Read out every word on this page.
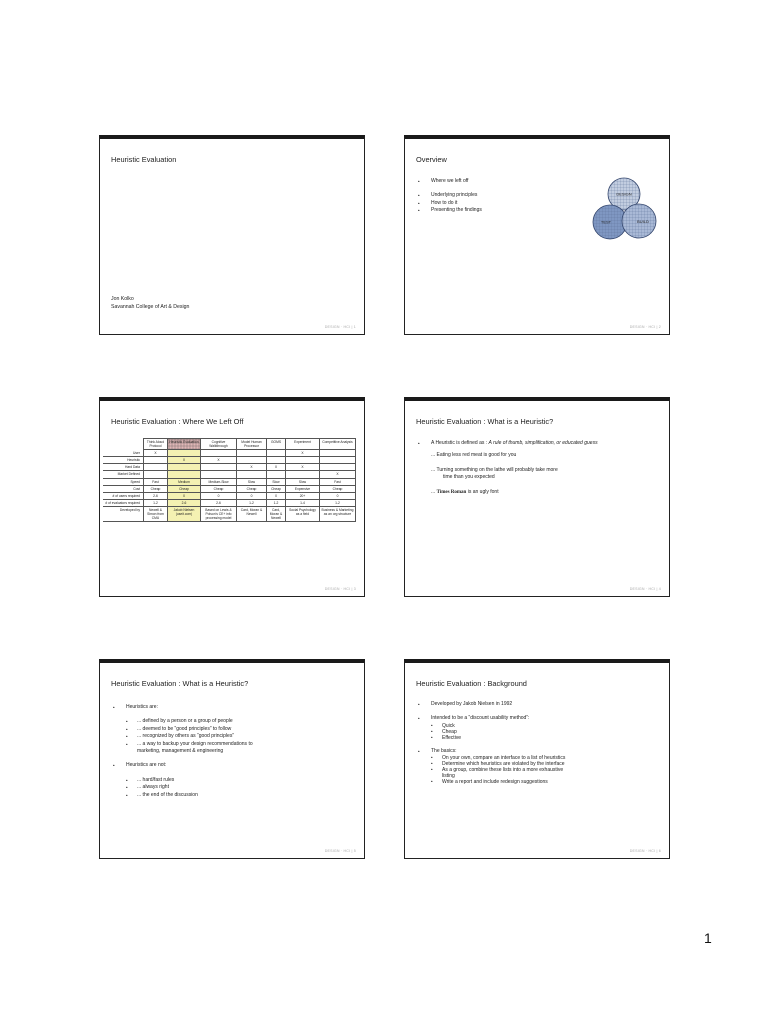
Heuristic Evaluation
Jon Kolko
Savannah College of Art & Design
DESIGN · HCI | 1
Overview
• Where we left off
• Underlying principles
• How to do it
• Presenting the findings
DESIGN
TEST	BUILD
DESIGN · HCI | 2
Heuristic Evaluation : Where We Left Off
	Think Aloud Protocol	Heuristic Evaluation	Cognitive Walkthrough	Model Human Processor	GOMS	Experiment	Competitive Analysis
User	X					X	
Heuristic		X	X				
Hard Data				X	X	X	
Market Defined							X
Speed	Fast	Medium	Medium-Slow	Slow	Slow	Slow	Fast
Cost	Cheap	Cheap	Cheap	Cheap	Cheap	Expensive	Cheap
# of users required	2-6	0	0	0	0	20+	0
# of evaluators required	1-2	2-6	2-6	1-2	1-2	1-4	1-2
Developed by	Newell & Simon from CMU	Jakob Nielsen (useit.com)	Based on Lewis & Polson's CE+ info processing model	Card, Moran & Newell	Card, Moran & Newell	Social Psychology as a field	Business & Marketing as an org structure
DESIGN · HCI | 3
Heuristic Evaluation : What is a Heuristic?
• A Heuristic is defined as : A rule of thumb, simplification, or educated guess
... Eating less red meat is good for you
... Turning something on the lathe will probably take more
time than you expected
... Times Roman is an ugly font
DESIGN · HCI | 4
Heuristic Evaluation : What is a Heuristic?
• Heuristics are:
• ... defined by a person or a group of people
• ... deemed to be “good principles” to follow
• ... recognized by others as “good principles”
• ... a way to backup your design recommendations to
marketing, management & engineering
• Heuristics are not:
• ... hard/fast rules
• ... always right
• ... the end of the discussion
DESIGN · HCI | 5
Heuristic Evaluation : Background
• Developed by Jakob Nielsen in 1992
• Intended to be a “discount usability method”:
• Quick
• Cheap
• Effective
• The basics:
• On your own, compare an interface to a list of heuristics
• Determine which heuristics are violated by the interface
• As a group, combine these lists into a more exhaustive
listing
• Write a report and include redesign suggestions
DESIGN · HCI | 6
1
